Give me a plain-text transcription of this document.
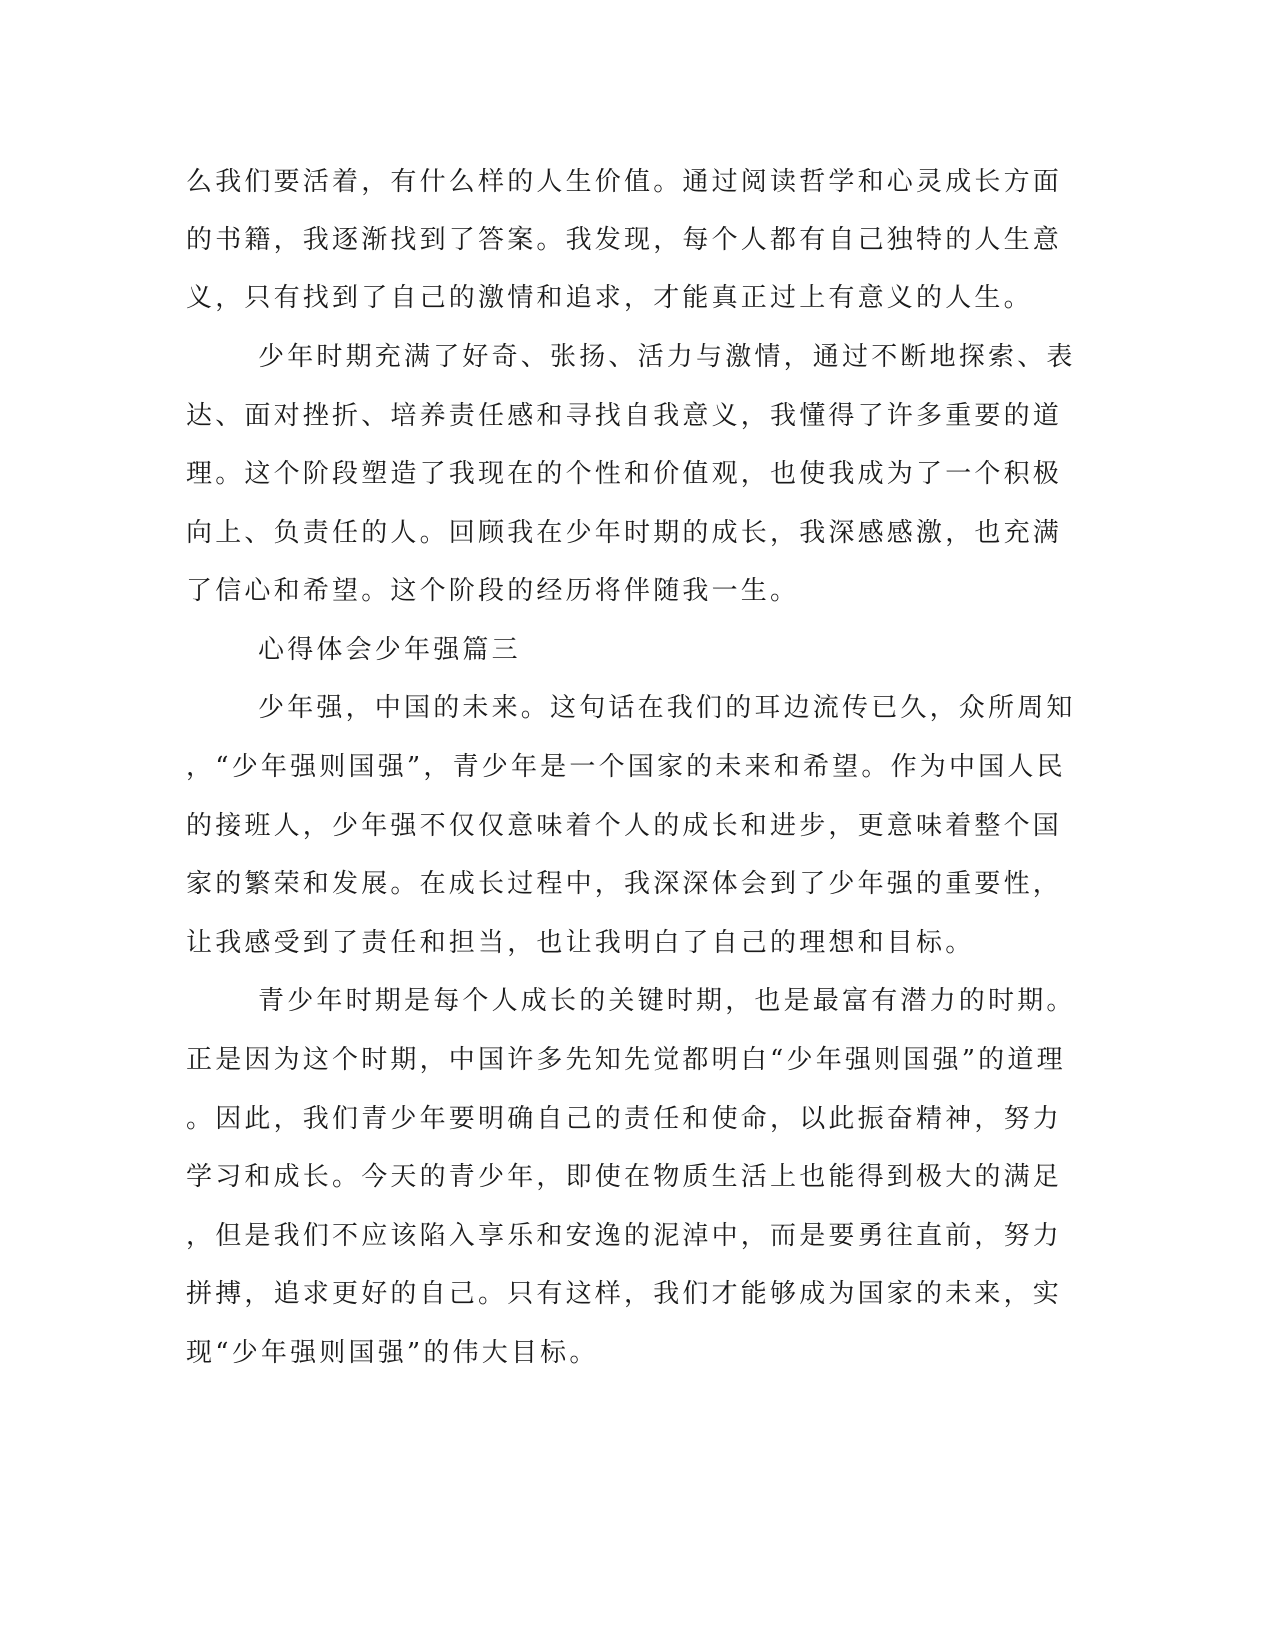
么我们要活着，有什么样的人生价值。通过阅读哲学和心灵成长方面
的书籍，我逐渐找到了答案。我发现，每个人都有自己独特的人生意
义，只有找到了自己的激情和追求，才能真正过上有意义的人生。
少年时期充满了好奇、张扬、活力与激情，通过不断地探索、表
达、面对挫折、培养责任感和寻找自我意义，我懂得了许多重要的道
理。这个阶段塑造了我现在的个性和价值观，也使我成为了一个积极
向上、负责任的人。回顾我在少年时期的成长，我深感感激，也充满
了信心和希望。这个阶段的经历将伴随我一生。
心得体会少年强篇三
少年强，中国的未来。这句话在我们的耳边流传已久，众所周知
，“少年强则国强”，青少年是一个国家的未来和希望。作为中国人民
的接班人，少年强不仅仅意味着个人的成长和进步，更意味着整个国
家的繁荣和发展。在成长过程中，我深深体会到了少年强的重要性，
让我感受到了责任和担当，也让我明白了自己的理想和目标。
青少年时期是每个人成长的关键时期，也是最富有潜力的时期。
正是因为这个时期，中国许多先知先觉都明白“少年强则国强”的道理
。因此，我们青少年要明确自己的责任和使命，以此振奋精神，努力
学习和成长。今天的青少年，即使在物质生活上也能得到极大的满足
，但是我们不应该陷入享乐和安逸的泥淖中，而是要勇往直前，努力
拼搏，追求更好的自己。只有这样，我们才能够成为国家的未来，实
现“少年强则国强”的伟大目标。
